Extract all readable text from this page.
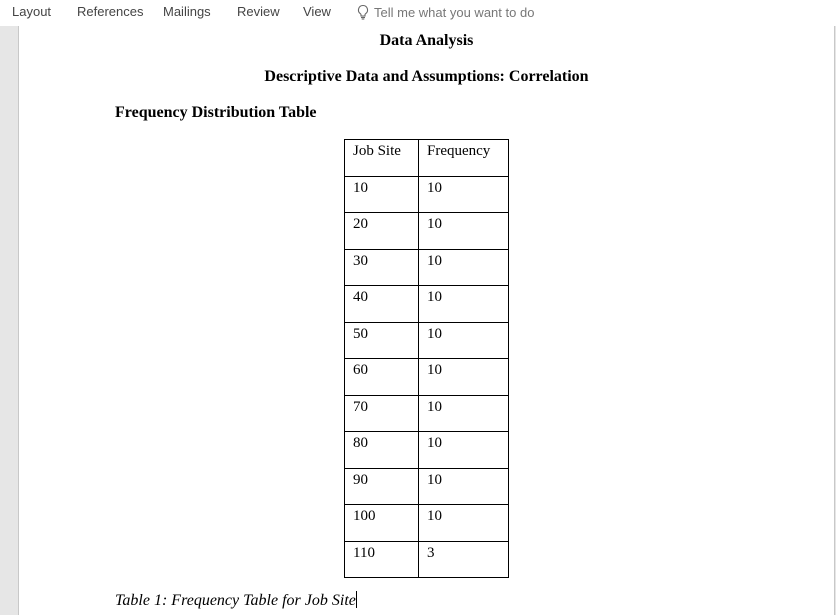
Layout References Mailings Review View	Tell me what you want to do
Data Analysis
Descriptive Data and Assumptions: Correlation
Frequency Distribution Table
Job Site	Frequency

10	10

20	10

30	10

40	10

50	10

60	10

70	10

80	10

90	10

100	10

110	3
Table 1: Frequency Table for Job Site
